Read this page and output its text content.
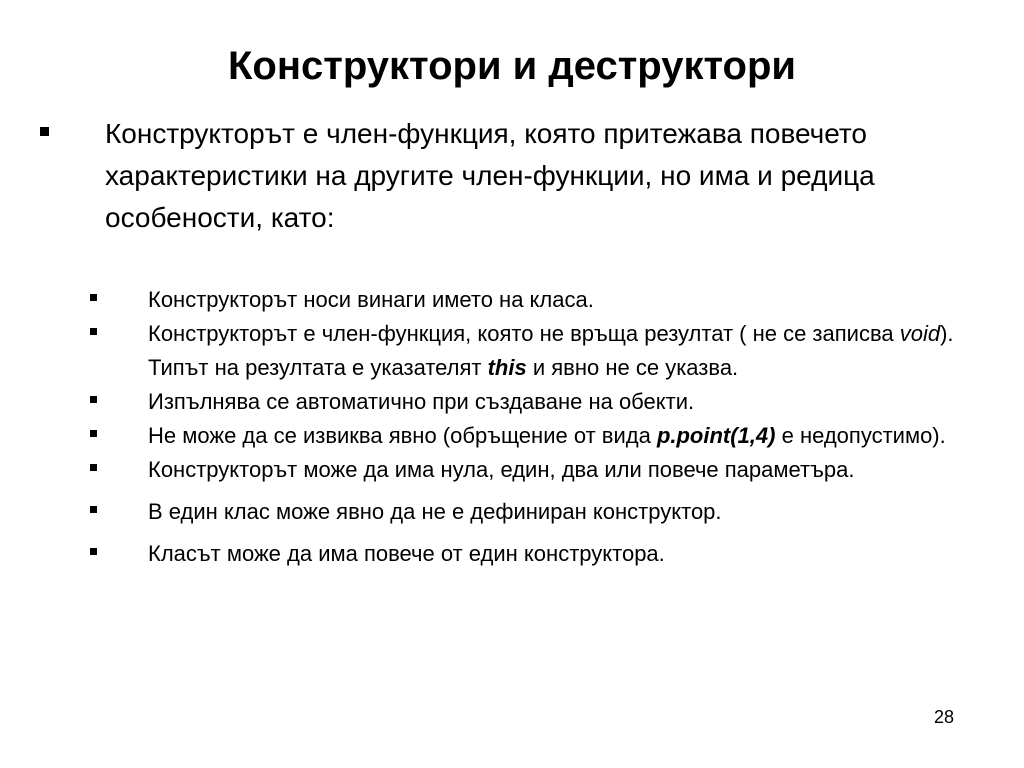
Конструктори и деструктори
Конструкторът е член-функция, която притежава повечето характеристики на другите член-функции, но има и редица особености, като:
Конструкторът носи винаги името на класа.
Конструкторът е член-функция, която не връща резултат ( не се записва void). Типът на резултата е указателят this и явно не се указва.
Изпълнява се автоматично при създаване на обекти.
Не може да се извиква явно (обръщение от вида p.point(1,4) е недопустимо).
Конструкторът може да има нула, един, два или повече параметъра.
В един клас може явно да не е дефиниран конструктор.
Класът може да има повече от един конструктора.
28
